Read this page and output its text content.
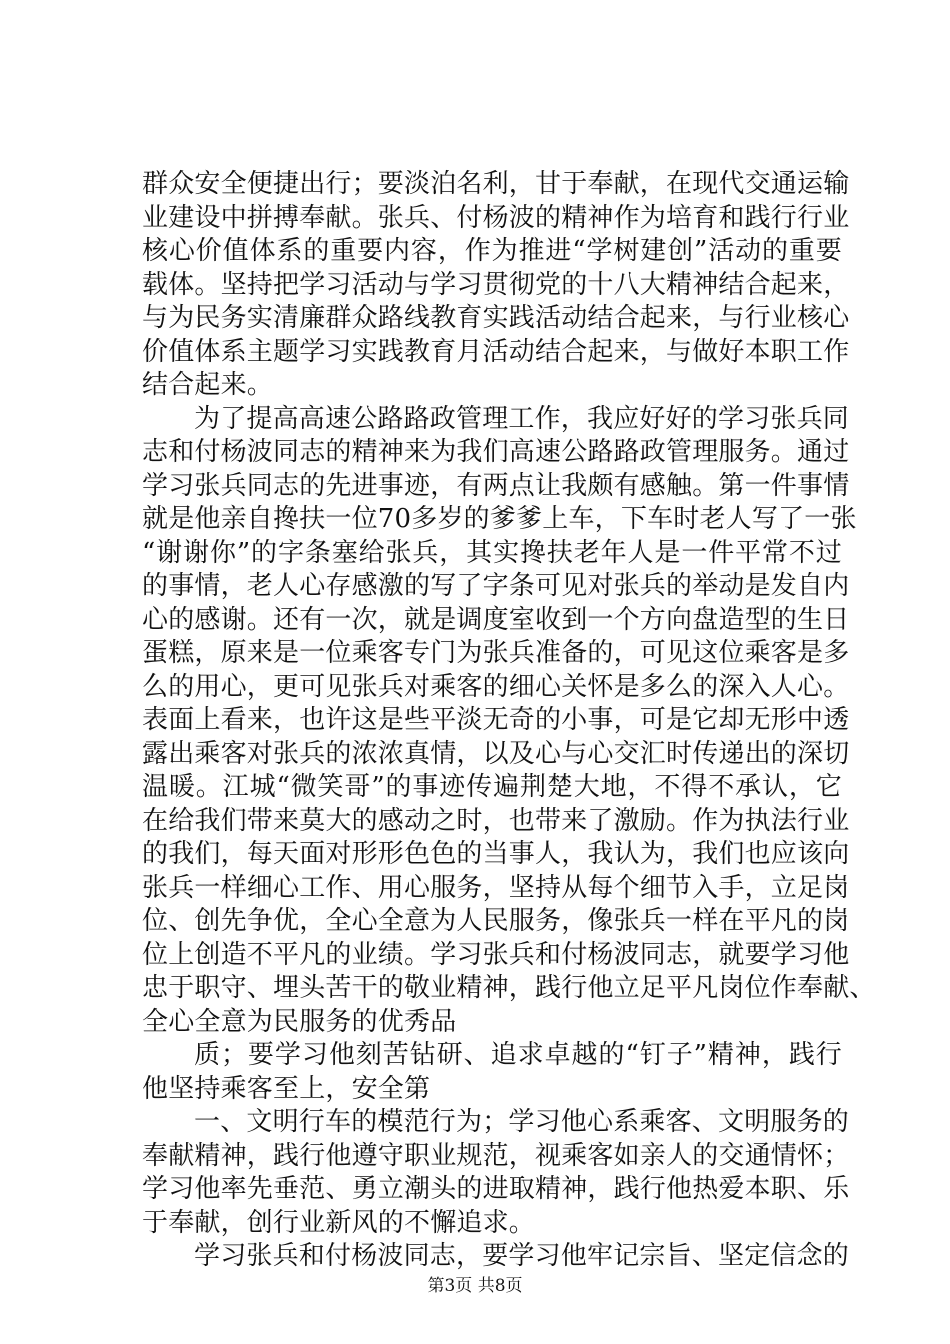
群众安全便捷出行；要淡泊名利，甘于奉献，在现代交通运输
业建设中拼搏奉献。张兵、付杨波的精神作为培育和践行行业
核心价值体系的重要内容，作为推进“学树建创”活动的重要
载体。坚持把学习活动与学习贯彻党的十八大精神结合起来，
与为民务实清廉群众路线教育实践活动结合起来，与行业核心
价值体系主题学习实践教育月活动结合起来，与做好本职工作
结合起来。
为了提高高速公路路政管理工作，我应好好的学习张兵同
志和付杨波同志的精神来为我们高速公路路政管理服务。通过
学习张兵同志的先进事迹，有两点让我颇有感触。第一件事情
就是他亲自搀扶一位70多岁的爹爹上车，下车时老人写了一张
“谢谢你”的字条塞给张兵，其实搀扶老年人是一件平常不过
的事情，老人心存感激的写了字条可见对张兵的举动是发自内
心的感谢。还有一次，就是调度室收到一个方向盘造型的生日
蛋糕，原来是一位乘客专门为张兵准备的，可见这位乘客是多
么的用心，更可见张兵对乘客的细心关怀是多么的深入人心。
表面上看来，也许这是些平淡无奇的小事，可是它却无形中透
露出乘客对张兵的浓浓真情，以及心与心交汇时传递出的深切
温暖。江城“微笑哥”的事迹传遍荆楚大地，不得不承认，它
在给我们带来莫大的感动之时，也带来了激励。作为执法行业
的我们，每天面对形形色色的当事人，我认为，我们也应该向
张兵一样细心工作、用心服务，坚持从每个细节入手，立足岗
位、创先争优，全心全意为人民服务，像张兵一样在平凡的岗
位上创造不平凡的业绩。学习张兵和付杨波同志，就要学习他
忠于职守、埋头苦干的敬业精神，践行他立足平凡岗位作奉献、
全心全意为民服务的优秀品
质；要学习他刻苦钻研、追求卓越的“钉子”精神，践行
他坚持乘客至上，安全第
一、文明行车的模范行为；学习他心系乘客、文明服务的
奉献精神，践行他遵守职业规范，视乘客如亲人的交通情怀；
学习他率先垂范、勇立潮头的进取精神，践行他热爱本职、乐
于奉献，创行业新风的不懈追求。
学习张兵和付杨波同志，要学习他牢记宗旨、坚定信念的
第3页 共8页
